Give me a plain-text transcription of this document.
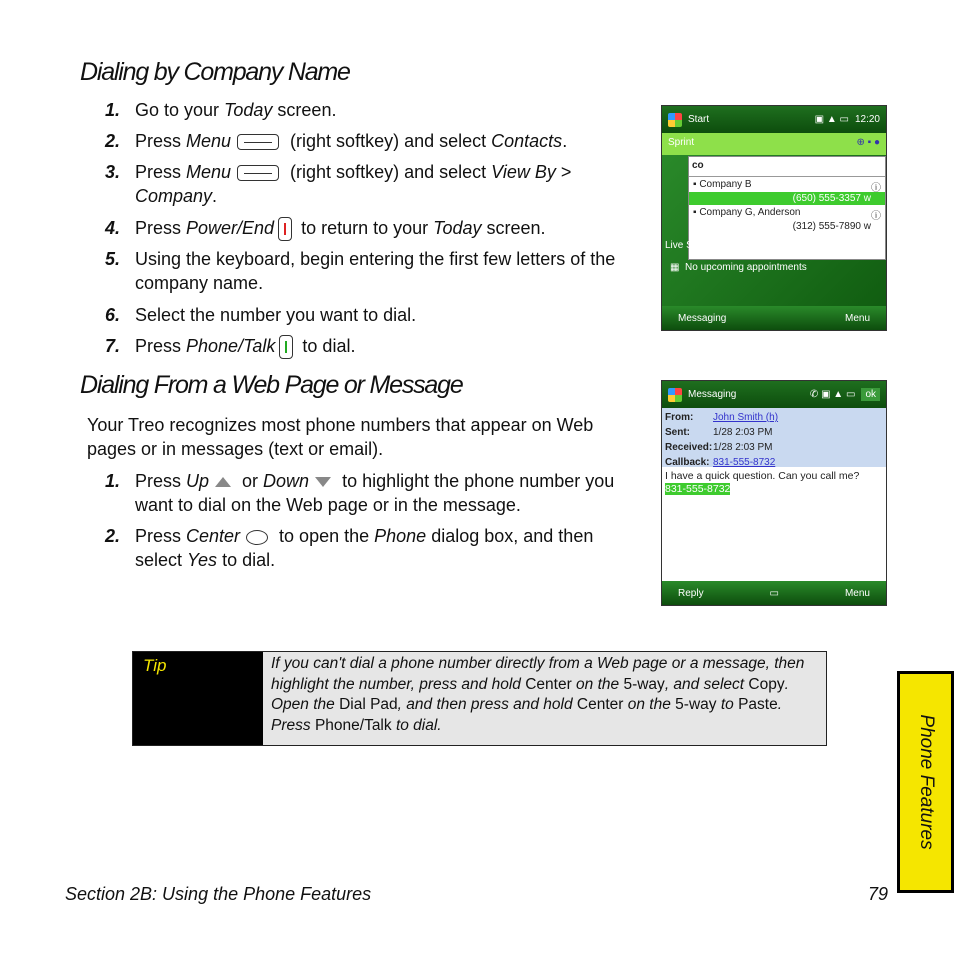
Dialing by Company Name
1. Go to your Today screen.
2. Press Menu	(right softkey) and select Contacts.
3. Press Menu	(right softkey) and select View By >
Company.
4. Press Power/End
to return to your Today screen.
5. Using the keyboard, begin entering the first few letters of the company name.
6. Select the number you want to dial.
7. Press Phone/Talk
to dial.
Dialing From a Web Page or Message
Your Treo recognizes most phone numbers that appear on Web pages or in messages (text or email).
1. Press Up or Down to highlight the phone number you want to dial on the Web page or in the message.
2. Press Center to open the Phone dialog box, and then select Yes to dial.
Start	▣ ▲ ▭ 12:20
Sprint	⊕ ▪ ●
co
▪ Company B	ⓘ
(650) 555-3357 w
▪ Company G, Anderson	ⓘ
(312) 555-7890 w
Live S
▦  No upcoming appointments
Messaging	Menu
Messaging	✆ ▣ ▲ ▭	ok
From: John Smith (h)
Sent: 1/28 2:03 PM
Received:1/28 2:03 PM
Callback: 831-555-8732
I have a quick question. Can you call me?
831-555-8732
Reply	▭	Menu
Tip	If you can't dial a phone number directly from a Web page or a message, then highlight the number, press and hold Center on the 5-way, and select Copy. Open the Dial Pad, and then press and hold Center on the 5-way to Paste. Press Phone/Talk to dial.	Phone Features
Section 2B: Using the Phone Features	79
